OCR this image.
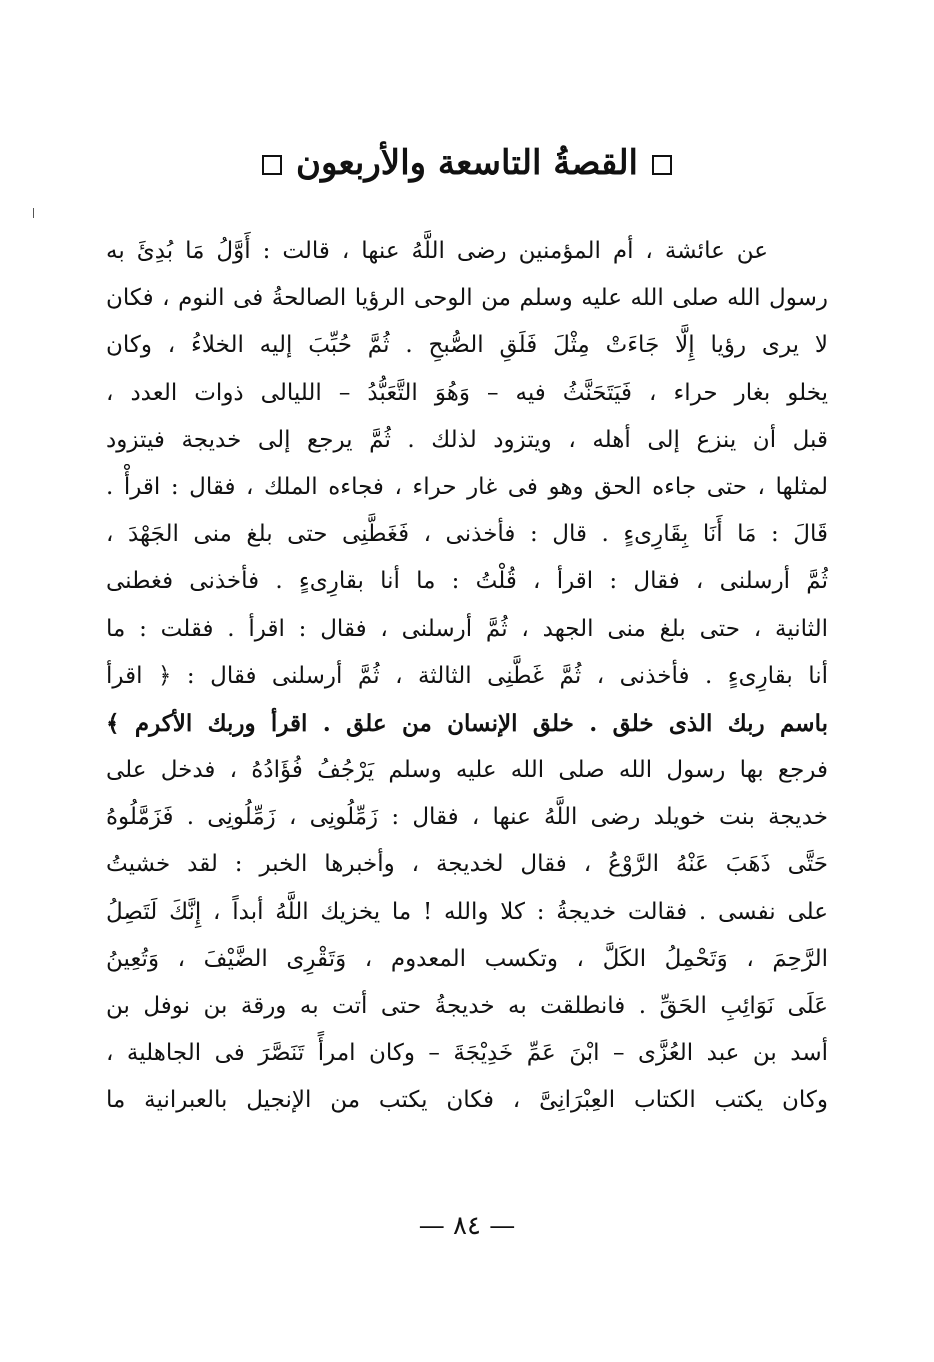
القصةُ التاسعة والأربعون
عن عائشة ، أم المؤمنين رضى اللَّهُ عنها ، قالت : أَوَّلُ مَا بُدِئَ به
رسول الله صلى الله عليه وسلم من الوحى الرؤيا الصالحةُ فى النوم ، فكان
لا يرى رؤيا إِلَّا جَاءَتْ مِثْلَ فَلَقِ الصُّبحِ . ثُمَّ حُبِّبَ إليه الخلاءُ ، وكان
يخلو بغار حراء ، فَيَتَحَنَّثُ فيه – وَهُوَ التَّعَبُّدُ – الليالى ذوات العدد ،
قبل أن ينزع إلى أهله ، ويتزود لذلك . ثُمَّ يرجع إلى خديجة فيتزود
لمثلها ، حتى جاءه الحق وهو فى غار حراء ، فجاءه الملك ، فقال : اقرأْ .
قَالَ : مَا أَنَا بِقَارِىءٍ . قال : فأخذنى ، فَغَطَّنِى حتى بلغ منى الجَهْدَ ،
ثُمَّ أرسلنى ، فقال : اقرأ ، قُلْتُ : ما أنا بقارِىءٍ . فأخذنى فغطنى
الثانية ، حتى بلغ منى الجهد ، ثُمَّ أرسلنى ، فقال : اقرأ . فقلت : ما
أنا بقارِىءٍ . فأخذنى ، ثُمَّ غَطَّنِى الثالثة ، ثُمَّ أرسلنى فقال : ﴿ اقرأ
باسم ربك الذى خلق . خلق الإنسان من علق . اقرأ وربك الأكرم ﴾
فرجع بها رسول الله صلى الله عليه وسلم يَرْجُفُ فُؤَادُهُ ، فدخل على
خديجة بنت خويلد رضى اللَّهُ عنها ، فقال : زَمِّلُونِى ، زَمِّلُونِى . فَزَمَّلُوهُ
حَتَّى ذَهَبَ عَنْهُ الرَّوْعُ ، فقال لخديجة ، وأخبرها الخبر : لقد خشيتُ
على نفسى . فقالت خديجةُ : كلا والله ! ما يخزيك اللَّهُ أبداً ، إِنَّكَ لَتَصِلُ
الرَّحِمَ ، وَتَحْمِلُ الكَلَّ ، وتكسب المعدوم ، وَتَقْرِى الضَّيْفَ ، وَتُعِينُ
عَلَى نَوَائِبِ الحَقِّ . فانطلقت به خديجةُ حتى أتت به ورقة بن نوفل بن
أسد بن عبد العُزَّى – ابْنَ عَمِّ خَدِيْجَةَ – وكان امرأً تَنَصَّرَ فى الجاهلية ،
وكان يكتب الكتاب العِبْرَانِىَّ ، فكان يكتب من الإنجيل بالعبرانية ما
— ٨٤ —
